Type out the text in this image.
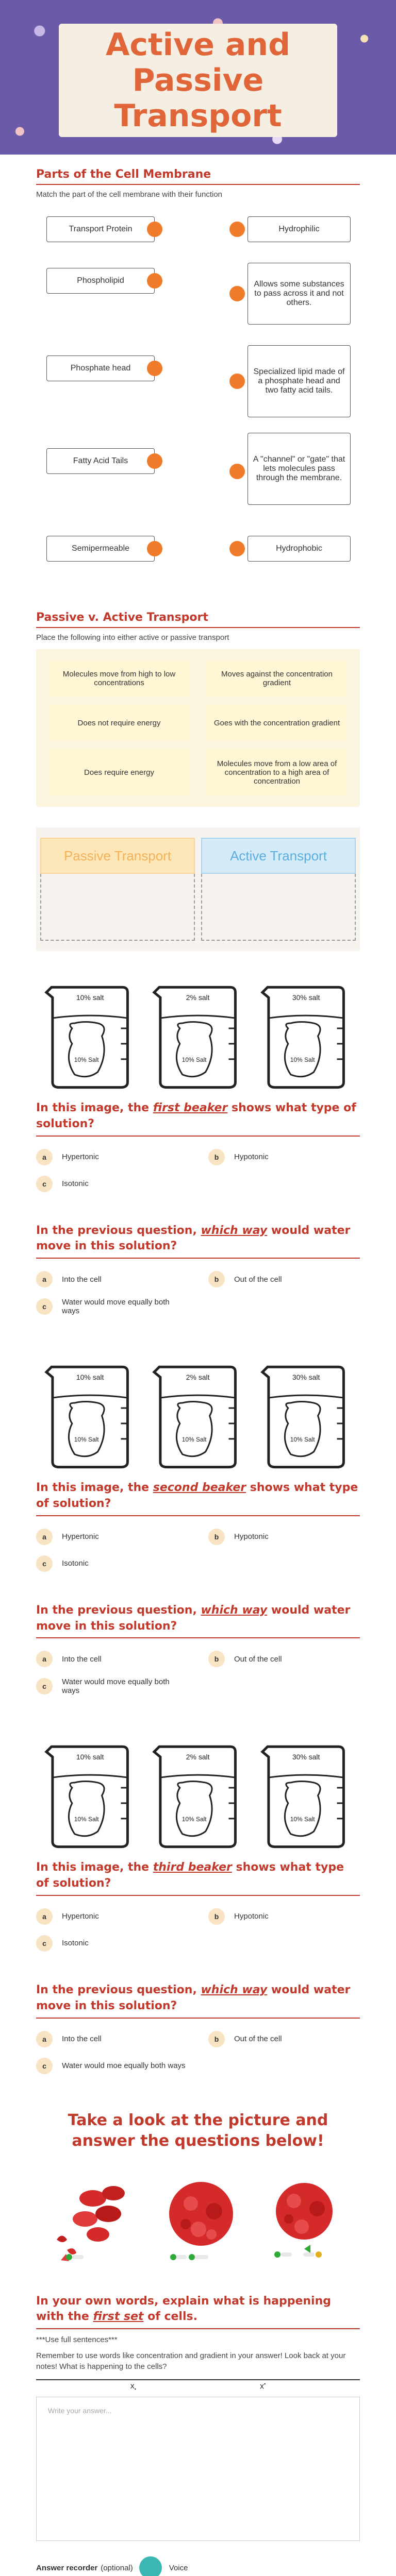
Active and Passive Transport
Parts of the Cell Membrane
Match the part of the cell membrane with their function
Transport Protein
Phospholipid
Phosphate head
Fatty Acid Tails
Semipermeable
Hydrophilic
Allows some substances to pass across it and not others.
Specialized lipid made of a phosphate head and two fatty acid tails.
A "channel" or "gate" that lets molecules pass through the membrane.
Hydrophobic
Passive v. Active Transport
Place the following into either active or passive transport
Molecules move from high to low concentrations
Moves against the concentration gradient
Does not require energy	Goes with the concentration gradient
Does require energy
Molecules move from a low area of concentration to a high area of concentration
Passive Transport	Active Transport
10% salt
10% Salt
2% salt
10% Salt
30% salt
10% Salt
In this image, the first beaker shows what type of solution?
a	Hypertonic	b	Hypotonic
c	Isotonic
In the previous question, which way would water move in this solution?
a	Into the cell	b	Out of the cell
c	Water would move equally both ways
10% salt
10% Salt
2% salt
10% Salt
30% salt
10% Salt
In this image, the second beaker shows what type of solution?
a	Hypertonic	b	Hypotonic
c	Isotonic
In the previous question, which way would water move in this solution?
a	Into the cell	b	Out of the cell
c	Water would move equally both ways
10% salt
10% Salt
2% salt
10% Salt
30% salt
10% Salt
In this image, the third beaker shows what type of solution?
a	Hypertonic	b	Hypotonic
c	Isotonic
In the previous question, which way would water move in this solution?
a	Into the cell	b	Out of the cell
c	Water would moe equally both ways
Take a look at the picture and answer the questions below!
In your own words, explain what is happening with the first set of cells.
***Use full sentences***
Remember to use words like concentration and gradient in your answer! Look back at your notes! What is happening to the cells?
$x_▪$	x▪
Write your answer...
Answer recorder (optional)	Voice
